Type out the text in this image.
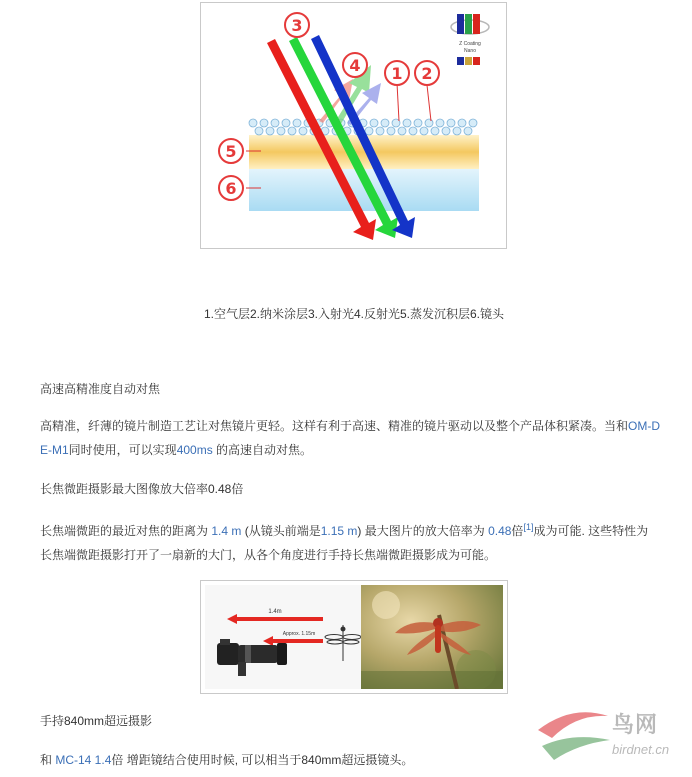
3
4 1 2
5
6
Z Coating
Nano
1.空气层2.纳米涂层3.入射光4.反射光5.蒸发沉积层6.镜头
高速高精准度自动对焦
高精准，纤薄的镜片制造工艺让对焦镜片更轻。这样有利于高速、精准的镜片驱动以及整个产品体积紧凑。当和OM-D
E-M1同时使用，可以实现400ms 的高速自动对焦。
长焦微距摄影最大图像放大倍率0.48倍
长焦端微距的最近对焦的距离为 1.4 m (从镜头前端是1.15 m) 最大图片的放大倍率为 0.48倍[1]成为可能. 这些特性为
长焦端微距摄影打开了一扇新的大门，从各个角度进行手持长焦端微距摄影成为可能。
1.4m
Approx. 1.15m
手持840mm超远摄影
和 MC-14 1.4倍 增距镜结合使用时候, 可以相当于840mm超远摄镜头。
鸟网
birdnet.cn
